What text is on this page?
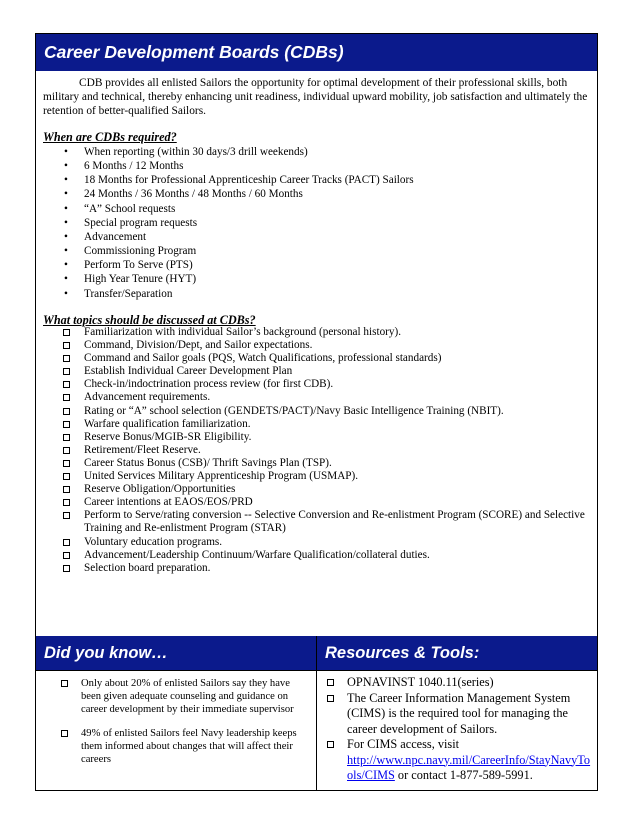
Career Development Boards (CDBs)

CDB provides all enlisted Sailors the opportunity for optimal development of their professional skills, both military and technical, thereby enhancing unit readiness, individual upward mobility, job satisfaction and ultimately the retention of better-qualified Sailors.

When are CDBs required?

• When reporting (within 30 days/3 drill weekends)
• 6 Months / 12 Months
• 18 Months for Professional Apprenticeship Career Tracks (PACT) Sailors
• 24 Months / 36 Months / 48 Months / 60 Months
• “A” School requests
• Special program requests
• Advancement
• Commissioning Program
• Perform To Serve (PTS)
• High Year Tenure (HYT)
• Transfer/Separation

What topics should be discussed at CDBs?

Familiarization with individual Sailor’s background (personal history).
Command, Division/Dept, and Sailor expectations.
Command and Sailor goals (PQS, Watch Qualifications, professional standards)
Establish Individual Career Development Plan
Check-in/indoctrination process review (for first CDB).
Advancement requirements.
Rating or “A” school selection (GENDETS/PACT)/Navy Basic Intelligence Training (NBIT).
Warfare qualification familiarization.
Reserve Bonus/MGIB-SR Eligibility.
Retirement/Fleet Reserve.
Career Status Bonus (CSB)/ Thrift Savings Plan (TSP).
United Services Military Apprenticeship Program (USMAP).
Reserve Obligation/Opportunities
Career intentions at EAOS/EOS/PRD
Perform to Serve/rating conversion -- Selective Conversion and Re-enlistment Program (SCORE) and Selective Training and Re-enlistment Program (STAR)
Voluntary education programs.
Advancement/Leadership Continuum/Warfare Qualification/collateral duties.
Selection board preparation.
Did you know…
Only about 20% of enlisted Sailors say they have been given adequate counseling and guidance on career development by their immediate supervisor
49% of enlisted Sailors feel Navy leadership keeps them informed about changes that will affect their careers
Resources & Tools:
OPNAVINST 1040.11(series)
The Career Information Management System (CIMS) is the required tool for managing the career development of Sailors.
For CIMS access, visit
http://www.npc.navy.mil/CareerInfo/StayNavyTools/CIMS or contact 1-877-589-5991.
